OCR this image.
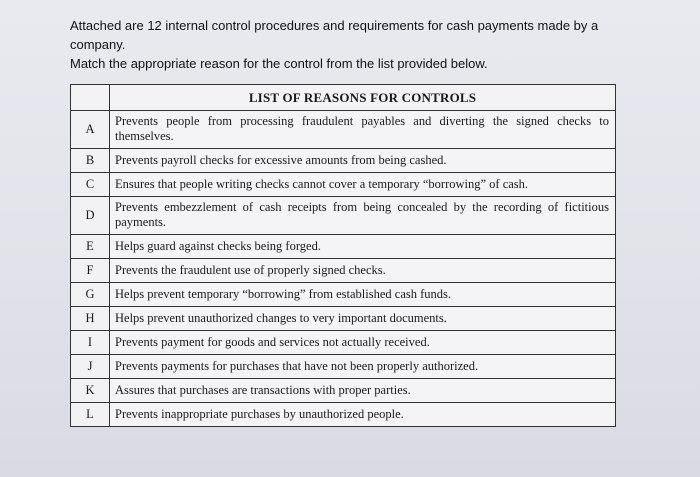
Attached are 12 internal control procedures and requirements for cash payments made by a company.

Match the appropriate reason for the control from the list provided below.

	LIST OF REASONS FOR CONTROLS
A	Prevents people from processing fraudulent payables and diverting the signed checks to themselves.
B	Prevents payroll checks for excessive amounts from being cashed.
C	Ensures that people writing checks cannot cover a temporary “borrowing” of cash.
D	Prevents embezzlement of cash receipts from being concealed by the recording of fictitious payments.
E	Helps guard against checks being forged.
F	Prevents the fraudulent use of properly signed checks.
G	Helps prevent temporary “borrowing” from established cash funds.
H	Helps prevent unauthorized changes to very important documents.
I	Prevents payment for goods and services not actually received.
J	Prevents payments for purchases that have not been properly authorized.
K	Assures that purchases are transactions with proper parties.
L	Prevents inappropriate purchases by unauthorized people.
